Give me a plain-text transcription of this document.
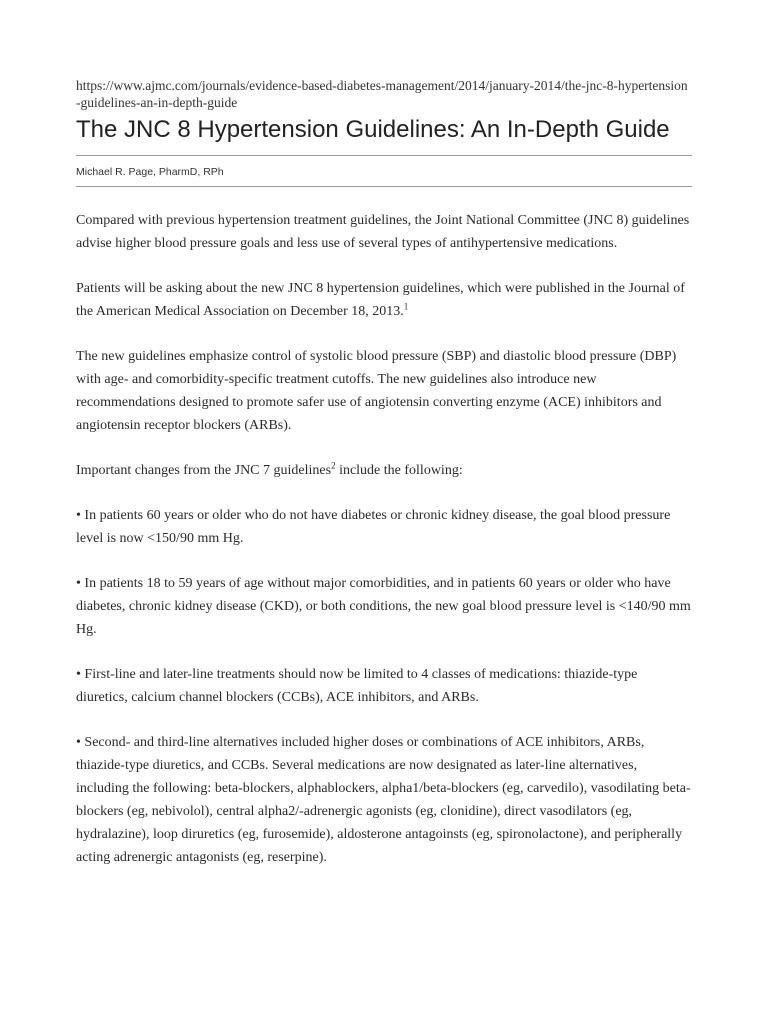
https://www.ajmc.com/journals/evidence-based-diabetes-management/2014/january-2014/the-jnc-8-hypertension-guidelines-an-in-depth-guide

The JNC 8 Hypertension Guidelines: An In-Depth Guide
Michael R. Page, PharmD, RPh

Compared with previous hypertension treatment guidelines, the Joint National Committee (JNC 8) guidelines advise higher blood pressure goals and less use of several types of antihypertensive medications.

Patients will be asking about the new JNC 8 hypertension guidelines, which were published in the Journal of the American Medical Association on December 18, 2013.$^1$

The new guidelines emphasize control of systolic blood pressure (SBP) and diastolic blood pressure (DBP) with age- and comorbidity-specific treatment cutoffs. The new guidelines also introduce new recommendations designed to promote safer use of angiotensin converting enzyme (ACE) inhibitors and angiotensin receptor blockers (ARBs).

Important changes from the JNC 7 guidelines$^2$ include the following:

• In patients 60 years or older who do not have diabetes or chronic kidney disease, the goal blood pressure level is now <150/90 mm Hg.

• In patients 18 to 59 years of age without major comorbidities, and in patients 60 years or older who have diabetes, chronic kidney disease (CKD), or both conditions, the new goal blood pressure level is <140/90 mm Hg.

• First-line and later-line treatments should now be limited to 4 classes of medications: thiazide-type diuretics, calcium channel blockers (CCBs), ACE inhibitors, and ARBs.

• Second- and third-line alternatives included higher doses or combinations of ACE inhibitors, ARBs, thiazide-type diuretics, and CCBs. Several medications are now designated as later-line alternatives, including the following: beta-blockers, alphablockers, alpha1/beta-blockers (eg, carvedilo), vasodilating beta-blockers (eg, nebivolol), central alpha2/-adrenergic agonists (eg, clonidine), direct vasodilators (eg, hydralazine), loop diruretics (eg, furosemide), aldosterone antagoinsts (eg, spironolactone), and peripherally acting adrenergic antagonists (eg, reserpine).
